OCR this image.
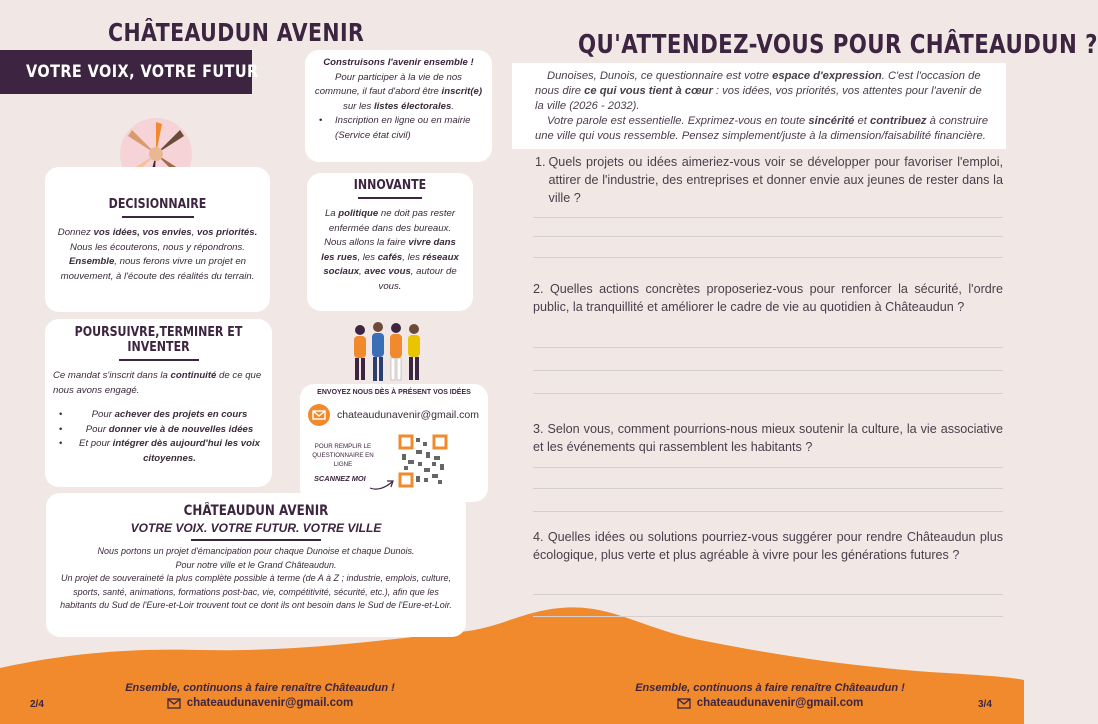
CHÂTEAUDUN AVENIR
VOTRE VOIX, VOTRE FUTUR	Construisons l'avenir ensemble !
Pour participer à la vie de nos commune, il faut d'abord être inscrit(e) sur les listes électorales.
• Inscription en ligne ou en mairie (Service état civil)
DECISIONNAIRE
Donnez vos idées, vos envies, vos priorités. Nous les écouterons, nous y répondrons. Ensemble, nous ferons vivre un projet en mouvement, à l'écoute des réalités du terrain.
INNOVANTE
La politique ne doit pas rester enfermée dans des bureaux. Nous allons la faire vivre dans les rues, les cafés, les réseaux sociaux, avec vous, autour de vous.
POURSUIVRE,TERMINER ET
INVENTER
Ce mandat s'inscrit dans la continuité de ce que nous avons engagé.
• Pour achever des projets en cours
• Pour donner vie à de nouvelles idées
• Et pour intégrer dès aujourd'hui les voix citoyennes.
ENVOYEZ NOUS DÈS À PRÉSENT VOS IDÉES
chateaudunavenir@gmail.com
POUR REMPLIR LE QUESTIONNAIRE EN LIGNE
SCANNEZ MOI
CHÂTEAUDUN AVENIR
VOTRE VOIX. VOTRE FUTUR. VOTRE VILLE
Nous portons un projet d'émancipation pour chaque Dunoise et chaque Dunois.
Pour notre ville et le Grand Châteaudun.
Un projet de souveraineté la plus complète possible à terme (de A à Z ; industrie, emplois, culture, sports, santé, animations, formations post-bac, vie, compétitivité, sécurité, etc.), afin que les habitants du Sud de l'Eure-et-Loir trouvent tout ce dont ils ont besoin dans le Sud de l'Eure-et-Loir.
Ensemble, continuons à faire renaître Châteaudun !
chateaudunavenir@gmail.com
2/4
QU'ATTENDEZ-VOUS POUR CHÂTEAUDUN ?
Dunoises, Dunois, ce questionnaire est votre espace d'expression. C'est l'occasion de nous dire ce qui vous tient à cœur : vos idées, vos priorités, vos attentes pour l'avenir de la ville (2026 - 2032).
Votre parole est essentielle. Exprimez-vous en toute sincérité et contribuez à construire une ville qui vous ressemble. Pensez simplement/juste à la dimension/faisabilité financière.
1. Quels projets ou idées aimeriez-vous voir se développer pour favoriser l'emploi, attirer de l'industrie, des entreprises et donner envie aux jeunes de rester dans la ville ?
2. Quelles actions concrètes proposeriez-vous pour renforcer la sécurité, l'ordre public, la tranquillité et améliorer le cadre de vie au quotidien à Châteaudun ?
3. Selon vous, comment pourrions-nous mieux soutenir la culture, la vie associative et les événements qui rassemblent les habitants ?
4. Quelles idées ou solutions pourriez-vous suggérer pour rendre Châteaudun plus écologique, plus verte et plus agréable à vivre pour les générations futures ?
Ensemble, continuons à faire renaître Châteaudun !
chateaudunavenir@gmail.com	3/4
